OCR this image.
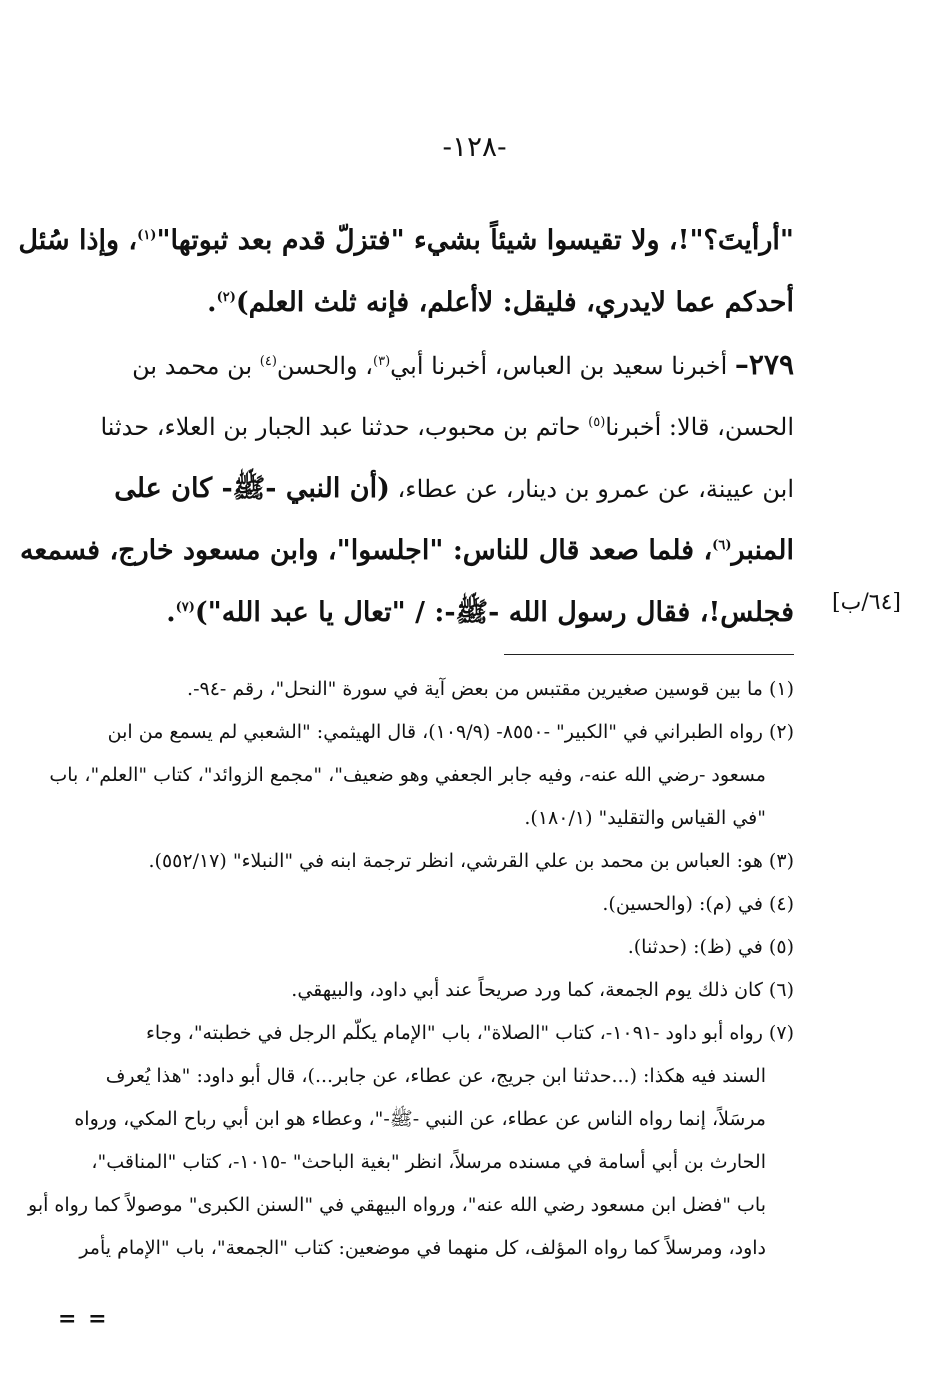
-١٢٨-
"أرأيتَ؟"!، ولا تقيسوا شيئاً بشيء "فتزلّ قدم بعد ثبوتها"$^{(١)}$، وإذا سُئل
أحدكم عما لايدري، فليقل: لاأعلم، فإنه ثلث العلم)$^{(٢)}$.
٢٧٩– أخبرنا سعيد بن العباس، أخبرنا أبي$^{(٣)}$، والحسن$^{(٤)}$ بن محمد بن
الحسن، قالا: أخبرنا$^{(٥)}$ حاتم بن محبوب، حدثنا عبد الجبار بن العلاء، حدثنا
ابن عيينة، عن عمرو بن دينار، عن عطاء، (أن النبي -ﷺ- كان على
المنبر$^{(٦)}$، فلما صعد قال للناس: "اجلسوا"، وابن مسعود خارج، فسمعه
فجلس!، فقال رسول الله -ﷺ-: / "تعال يا عبد الله")$^{(٧)}$.	[٦٤/ب]
(١) ما بين قوسين صغيرين مقتبس من بعض آية في سورة "النحل"، رقم -٩٤-.
(٢) رواه الطبراني في "الكبير" -٨٥٥٠- (١٠٩/٩)، قال الهيثمي: "الشعبي لم يسمع من ابن
مسعود -رضي الله عنه-، وفيه جابر الجعفي وهو ضعيف"، "مجمع الزوائد"، كتاب "العلم"، باب
"في القياس والتقليد" (١٨٠/١).
(٣) هو: العباس بن محمد بن علي القرشي، انظر ترجمة ابنه في "النبلاء" (٥٥٢/١٧).
(٤) في (م): (والحسين).
(٥) في (ظ): (حدثنا).
(٦) كان ذلك يوم الجمعة، كما ورد صريحاً عند أبي داود، والبيهقي.
(٧) رواه أبو داود -١٠٩١-، كتاب "الصلاة"، باب "الإمام يكلّم الرجل في خطبته"، وجاء
السند فيه هكذا: (...حدثنا ابن جريج، عن عطاء، عن جابر...)، قال أبو داود: "هذا يُعرف
مرسَلاً، إنما رواه الناس عن عطاء، عن النبي -ﷺ-"، وعطاء هو ابن أبي رباح المكي، ورواه
الحارث بن أبي أسامة في مسنده مرسلاً، انظر "بغية الباحث" -١٠١٥-، كتاب "المناقب"،
باب "فضل ابن مسعود رضي الله عنه"، ورواه البيهقي في "السنن الكبرى" موصولاً كما رواه أبو
داود، ومرسلاً كما رواه المؤلف، كل منهما في موضعين: كتاب "الجمعة"، باب "الإمام يأمر
= =
